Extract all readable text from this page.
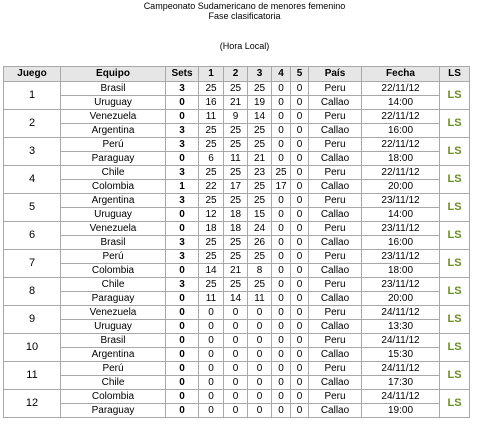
Campeonato Sudamericano de menores femenino
Fase clasificatoria
(Hora Local)
Juego	Equipo	Sets	1	2	3	4	5	País	Fecha	LS
1	Brasil	3	25	25	25	0	0	Peru	22/11/12	LS
	Uruguay	0	16	21	19	0	0	Callao	14:00	
2	Venezuela	0	11	9	14	0	0	Peru	22/11/12	LS
	Argentina	3	25	25	25	0	0	Callao	16:00	
3	Perú	3	25	25	25	0	0	Peru	22/11/12	LS
	Paraguay	0	6	11	21	0	0	Callao	18:00	
4	Chile	3	25	25	23	25	0	Peru	22/11/12	LS
	Colombia	1	22	17	25	17	0	Callao	20:00	
5	Argentina	3	25	25	25	0	0	Peru	23/11/12	LS
	Uruguay	0	12	18	15	0	0	Callao	14:00	
6	Venezuela	0	18	18	24	0	0	Peru	23/11/12	LS
	Brasil	3	25	25	26	0	0	Callao	16:00	
7	Perú	3	25	25	25	0	0	Peru	23/11/12	LS
	Colombia	0	14	21	8	0	0	Callao	18:00	
8	Chile	3	25	25	25	0	0	Peru	23/11/12	LS
	Paraguay	0	11	14	11	0	0	Callao	20:00	
9	Venezuela	0	0	0	0	0	0	Peru	24/11/12	LS
	Uruguay	0	0	0	0	0	0	Callao	13:30	
10	Brasil	0	0	0	0	0	0	Peru	24/11/12	LS
	Argentina	0	0	0	0	0	0	Callao	15:30	
11	Perú	0	0	0	0	0	0	Peru	24/11/12	LS
	Chile	0	0	0	0	0	0	Callao	17:30	
12	Colombia	0	0	0	0	0	0	Peru	24/11/12	LS
	Paraguay	0	0	0	0	0	0	Callao	19:00	
